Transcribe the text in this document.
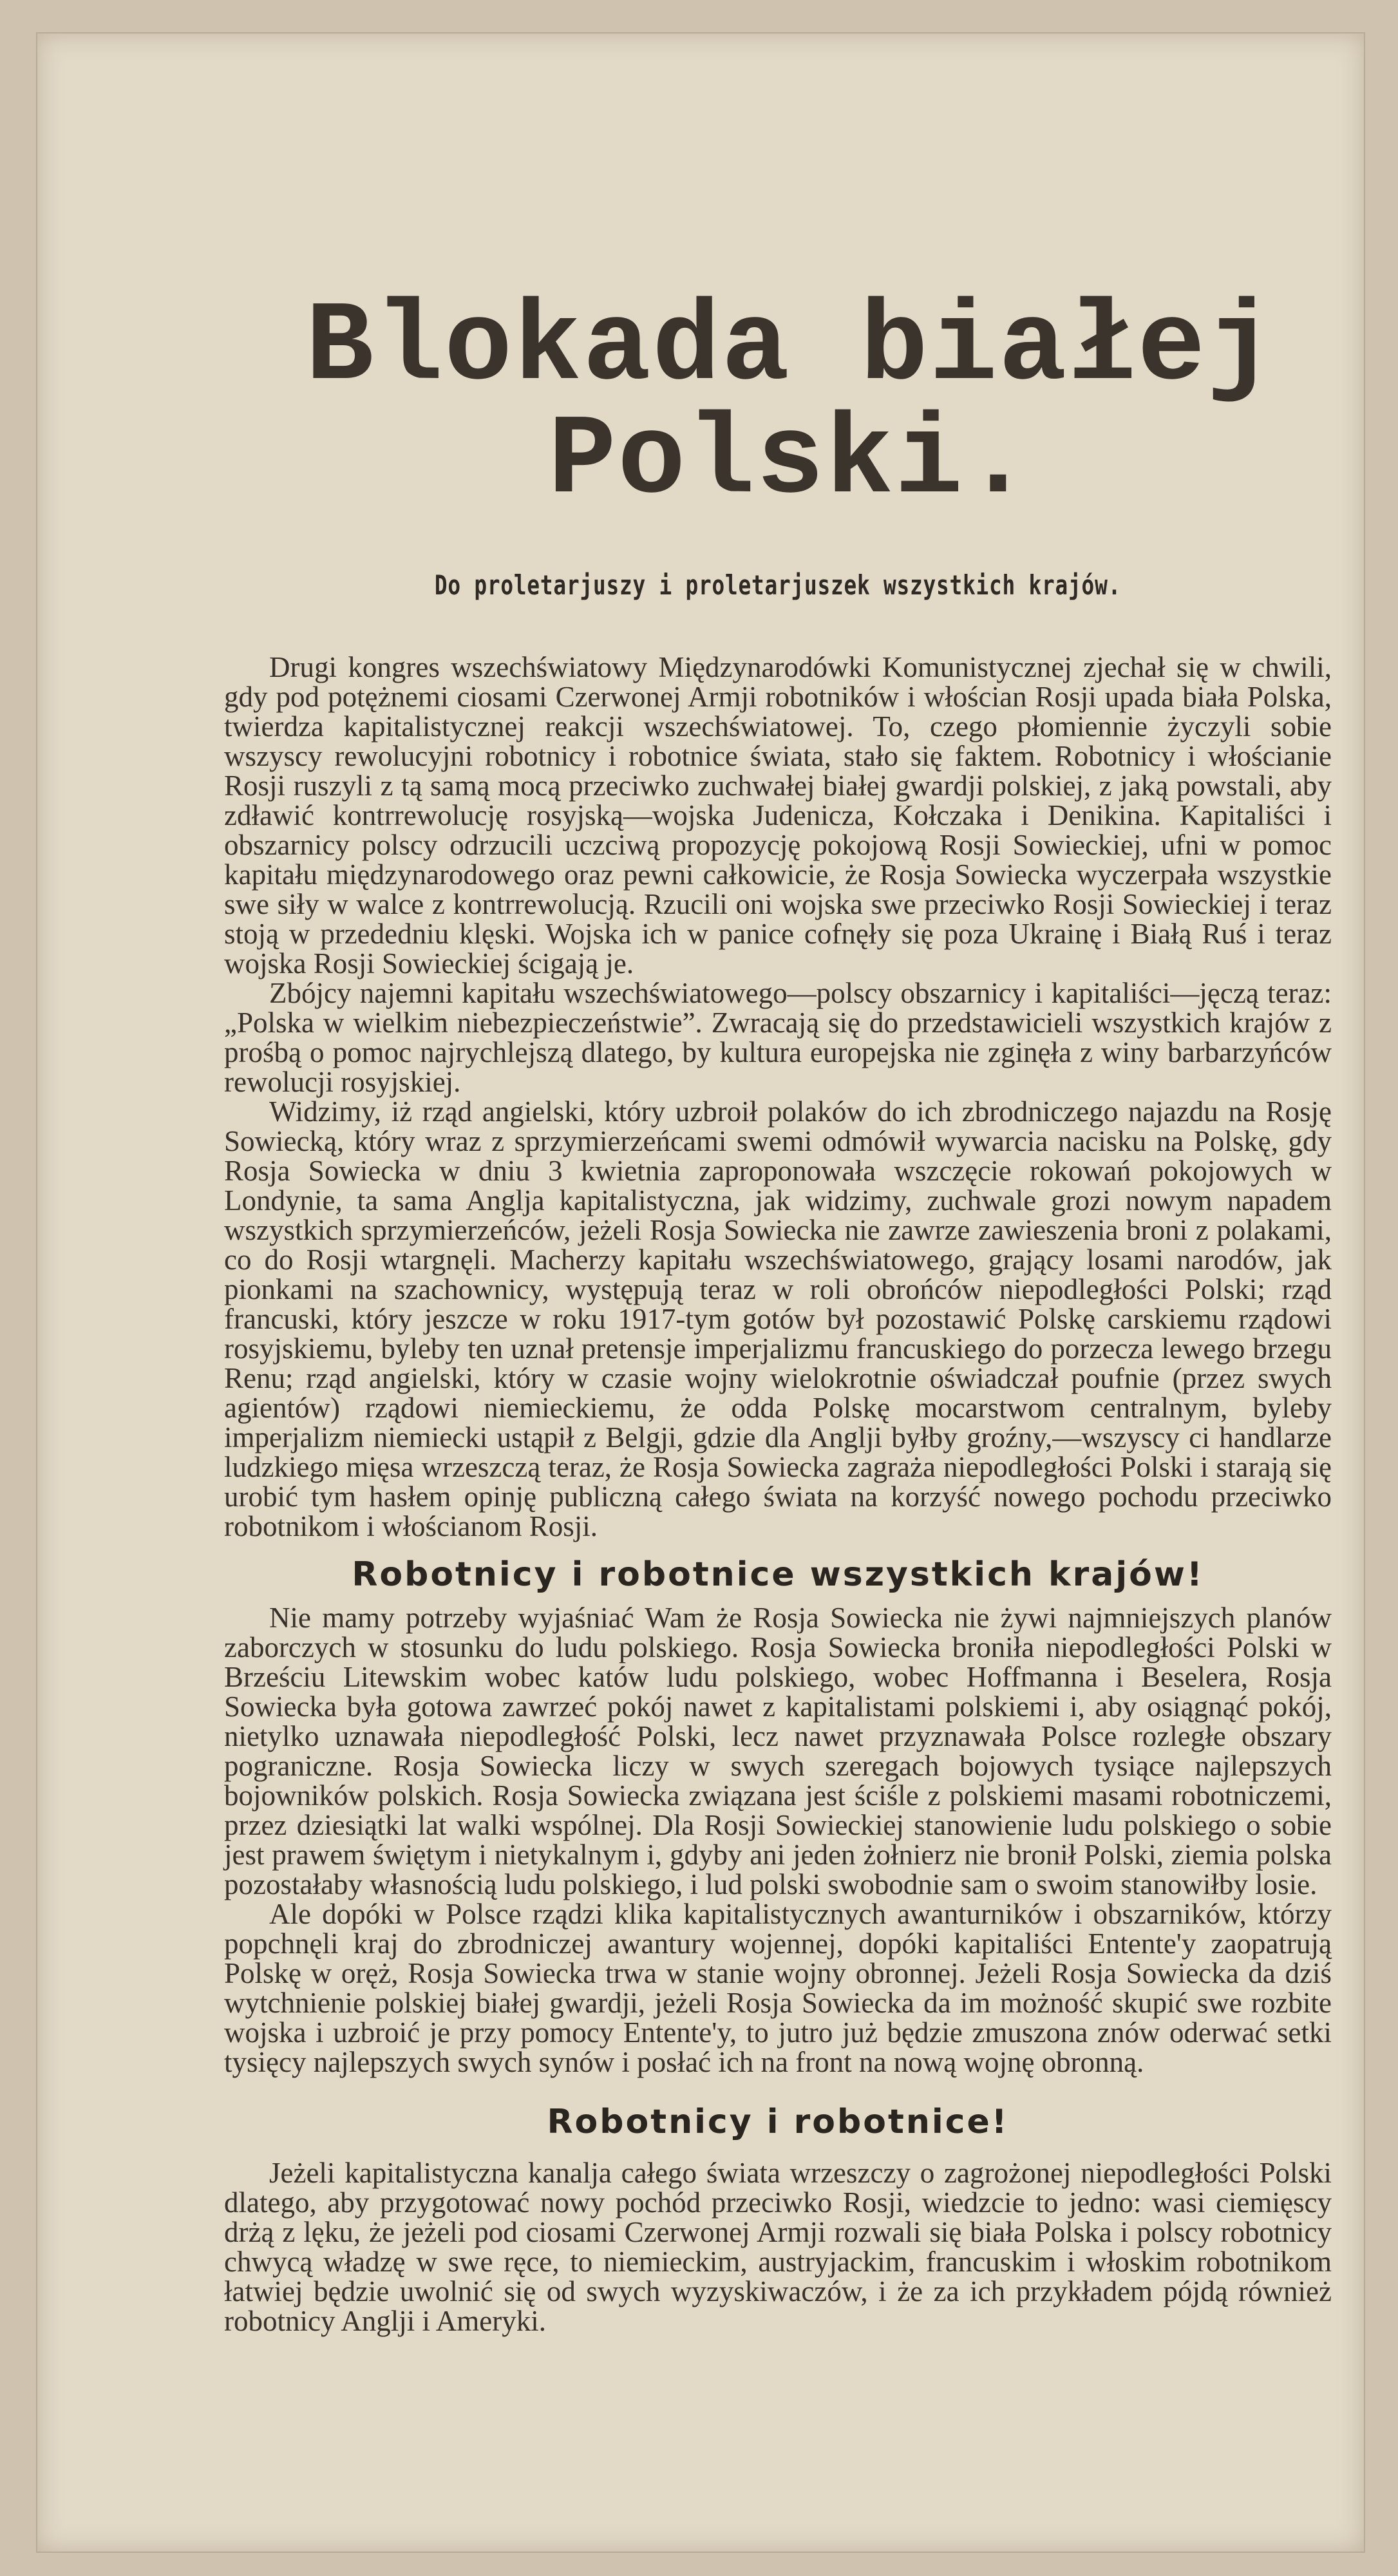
Blokada białej Polski.
Do proletarjuszy i proletarjuszek wszystkich krajów.

Drugi kongres wszechświatowy Międzynarodówki Komunistycznej zjechał się w chwili, gdy pod potężnemi ciosami Czerwonej Armji robotników i włościan Rosji upada biała Polska, twierdza kapitalistycznej reakcji wszechświatowej. To, czego płomiennie życzyli sobie wszyscy rewolucyjni robotnicy i robotnice świata, stało się faktem. Robotnicy i włościanie Rosji ruszyli z tą samą mocą przeciwko zuchwałej białej gwardji polskiej, z jaką powstali, aby zdławić kontrrewolucję rosyjską—wojska Judenicza, Kołczaka i Denikina. Kapitaliści i obszarnicy polscy odrzucili uczciwą propozycję pokojową Rosji Sowieckiej, ufni w pomoc kapitału międzynarodowego oraz pewni całkowicie, że Rosja Sowiecka wyczerpała wszystkie swe siły w walce z kontrrewolucją. Rzucili oni wojska swe przeciwko Rosji Sowieckiej i teraz stoją w przededniu klęski. Wojska ich w panice cofnęły się poza Ukrainę i Białą Ruś i teraz wojska Rosji Sowieckiej ścigają je.

Zbójcy najemni kapitału wszechświatowego—polscy obszarnicy i kapitaliści—jęczą teraz: „Polska w wielkim niebezpieczeństwie”. Zwracają się do przedstawicieli wszystkich krajów z prośbą o pomoc najrychlejszą dlatego, by kultura europejska nie zginęła z winy barbarzyńców rewolucji rosyjskiej.

Widzimy, iż rząd angielski, który uzbroił polaków do ich zbrodniczego najazdu na Rosję Sowiecką, który wraz z sprzymierzeńcami swemi odmówił wywarcia nacisku na Polskę, gdy Rosja Sowiecka w dniu 3 kwietnia zaproponowała wszczęcie rokowań pokojowych w Londynie, ta sama Anglja kapitalistyczna, jak widzimy, zuchwale grozi nowym napadem wszystkich sprzymierzeńców, jeżeli Rosja Sowiecka nie zawrze zawieszenia broni z polakami, co do Rosji wtargnęli. Macherzy kapitału wszechświatowego, grający losami narodów, jak pionkami na szachownicy, występują teraz w roli obrońców niepodległości Polski; rząd francuski, który jeszcze w roku 1917-tym gotów był pozostawić Polskę carskiemu rządowi rosyjskiemu, byleby ten uznał pretensje imperjalizmu francuskiego do porzecza lewego brzegu Renu; rząd angielski, który w czasie wojny wielokrotnie oświadczał poufnie (przez swych agientów) rządowi niemieckiemu, że odda Polskę mocarstwom centralnym, byleby imperjalizm niemiecki ustąpił z Belgji, gdzie dla Anglji byłby groźny,—wszyscy ci handlarze ludzkiego mięsa wrzeszczą teraz, że Rosja Sowiecka zagraża niepodległości Polski i starają się urobić tym hasłem opinję publiczną całego świata na korzyść nowego pochodu przeciwko robotnikom i włościanom Rosji.

Robotnicy i robotnice wszystkich krajów!

Nie mamy potrzeby wyjaśniać Wam że Rosja Sowiecka nie żywi najmniejszych planów zaborczych w stosunku do ludu polskiego. Rosja Sowiecka broniła niepodległości Polski w Brześciu Litewskim wobec katów ludu polskiego, wobec Hoffmanna i Beselera, Rosja Sowiecka była gotowa zawrzeć pokój nawet z kapitalistami polskiemi i, aby osiągnąć pokój, nietylko uznawała niepodległość Polski, lecz nawet przyznawała Polsce rozległe obszary pograniczne. Rosja Sowiecka liczy w swych szeregach bojowych tysiące najlepszych bojowników polskich. Rosja Sowiecka związana jest ściśle z polskiemi masami robotniczemi, przez dziesiątki lat walki wspólnej. Dla Rosji Sowieckiej stanowienie ludu polskiego o sobie jest prawem świętym i nietykalnym i, gdyby ani jeden żołnierz nie bronił Polski, ziemia polska pozostałaby własnością ludu polskiego, i lud polski swobodnie sam o swoim stanowiłby losie.

Ale dopóki w Polsce rządzi klika kapitalistycznych awanturników i obszarników, którzy popchnęli kraj do zbrodniczej awantury wojennej, dopóki kapitaliści Entente'y zaopatrują Polskę w oręż, Rosja Sowiecka trwa w stanie wojny obronnej. Jeżeli Rosja Sowiecka da dziś wytchnienie polskiej białej gwardji, jeżeli Rosja Sowiecka da im możność skupić swe rozbite wojska i uzbroić je przy pomocy Entente'y, to jutro już będzie zmuszona znów oderwać setki tysięcy najlepszych swych synów i posłać ich na front na nową wojnę obronną.

Robotnicy i robotnice!

Jeżeli kapitalistyczna kanalja całego świata wrzeszczy o zagrożonej niepodległości Polski dlatego, aby przygotować nowy pochód przeciwko Rosji, wiedzcie to jedno: wasi ciemięscy drżą z lęku, że jeżeli pod ciosami Czerwonej Armji rozwali się biała Polska i polscy robotnicy chwycą władzę w swe ręce, to niemieckim, austryjackim, francuskim i włoskim robotnikom łatwiej będzie uwolnić się od swych wyzyskiwaczów, i że za ich przykładem pójdą również robotnicy Anglji i Ameryki.
